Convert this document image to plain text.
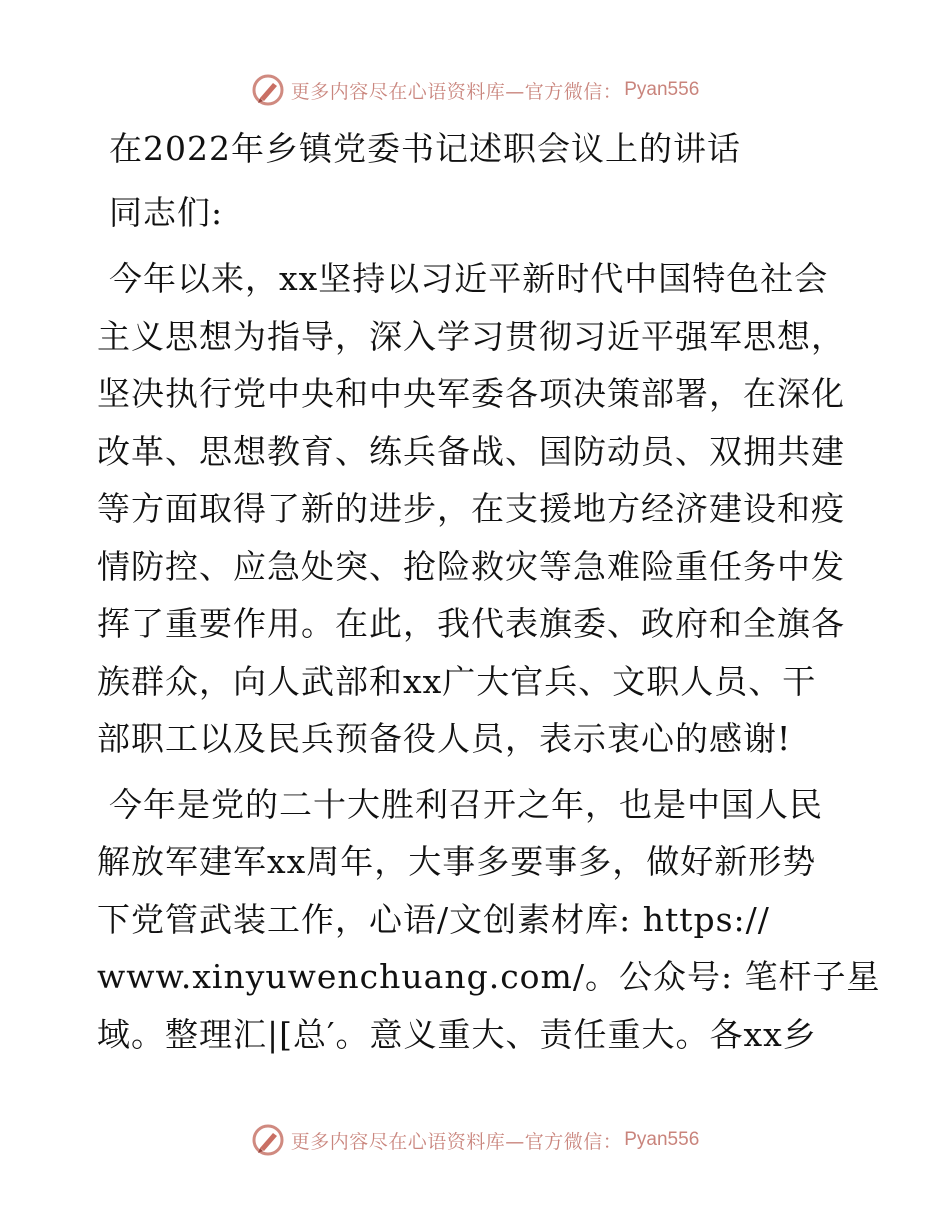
更多内容尽在心语资料库—官方微信： Pyan556
在2022年乡镇党委书记述职会议上的讲话
同志们:
今年以来，xx坚持以习近平新时代中国特色社会
主义思想为指导，深入学习贯彻习近平强军思想，
坚决执行党中央和中央军委各项决策部署，在深化
改革、思想教育、练兵备战、国防动员、双拥共建
等方面取得了新的进步，在支援地方经济建设和疫
情防控、应急处突、抢险救灾等急难险重任务中发
挥了重要作用。在此，我代表旗委、政府和全旗各
族群众，向人武部和xx广大官兵、文职人员、干
部职工以及民兵预备役人员，表示衷心的感谢!
今年是党的二十大胜利召开之年，也是中国人民
解放军建军xx周年，大事多要事多，做好新形势
下党管武装工作，心语/文创素材库: https://
www.xinyuwenchuang.com/。公众号: 笔杆子星
域。整理汇|[总′。意义重大、责任重大。各xx乡
更多内容尽在心语资料库—官方微信： Pyan556
